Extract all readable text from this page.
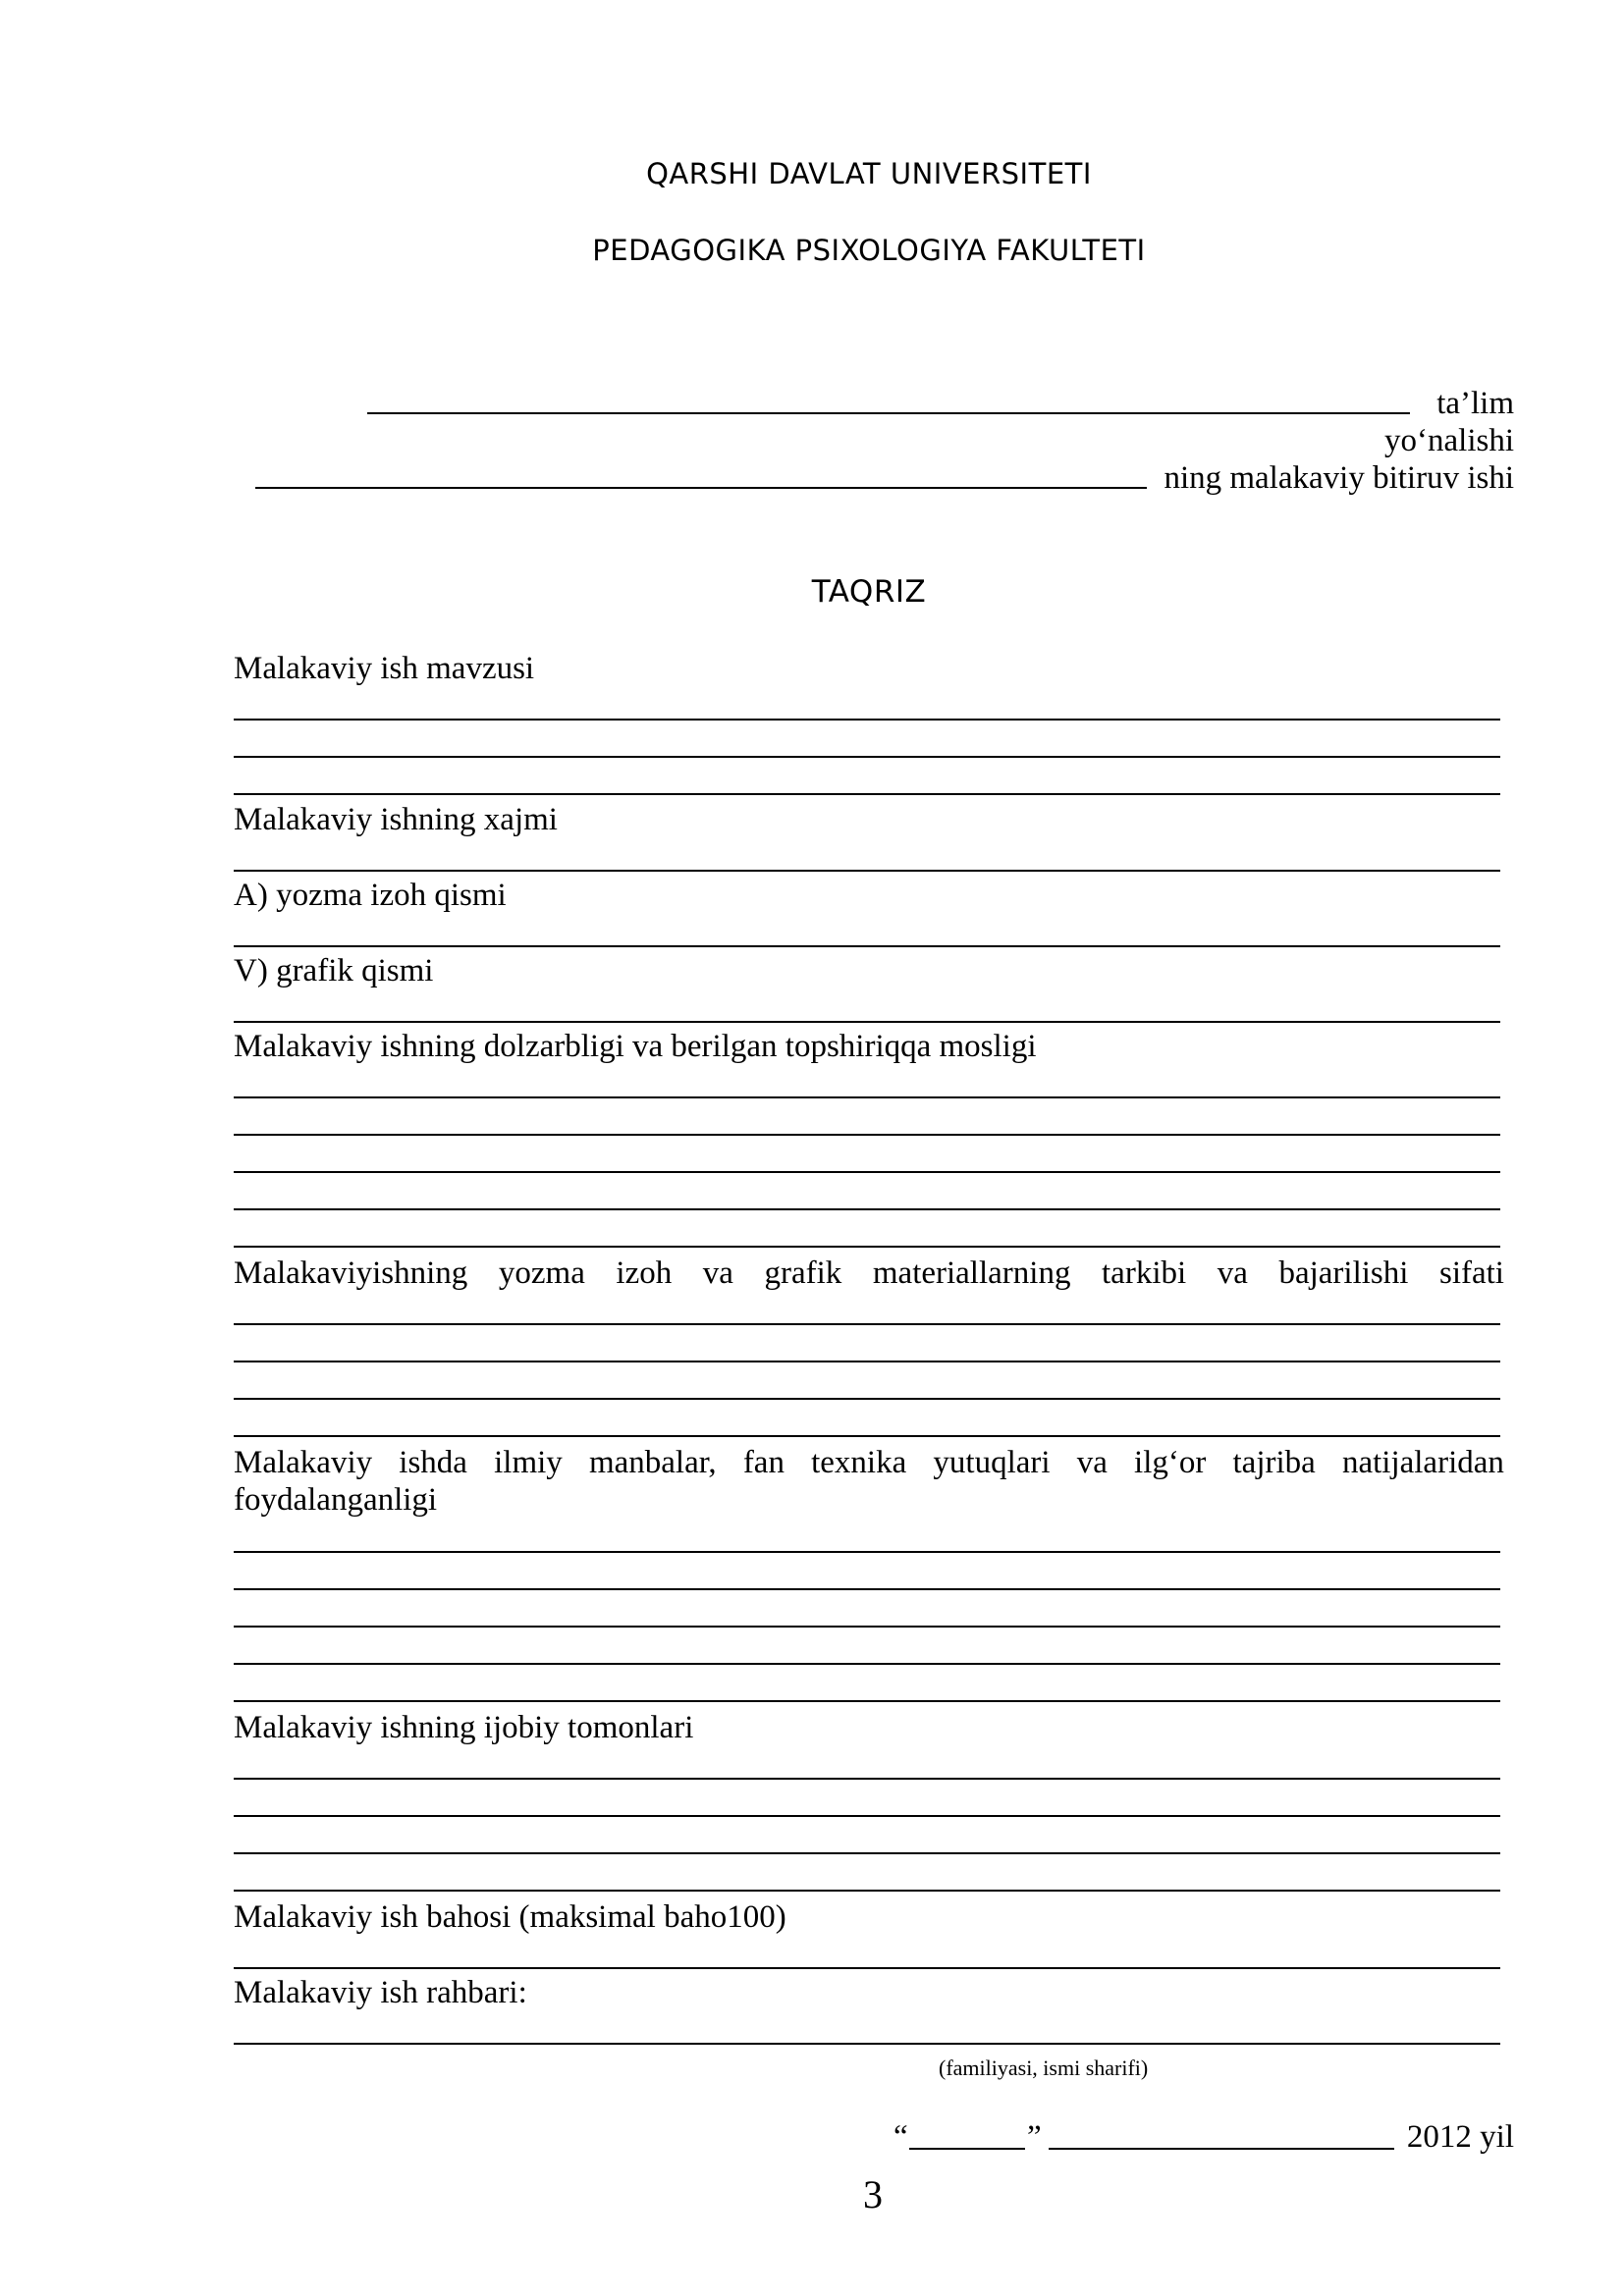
QARSHI DAVLAT UNIVERSITETI
PEDAGOGIKA PSIXOLOGIYA FAKULTETI
ta’lim
yo‘nalishi
ning malakaviy bitiruv ishi
TAQRIZ
Malakaviy ish mavzusi
Malakaviy ishning xajmi
A) yozma izoh qismi
V) grafik qismi
Malakaviy ishning dolzarbligi va berilgan topshiriqqa mosligi
Malakaviyishning yozma izoh va grafik materiallarning tarkibi va bajarilishi sifati
Malakaviy ishda ilmiy manbalar, fan texnika yutuqlari va ilg‘or tajriba natijalaridan
foydalanganligi
Malakaviy ishning ijobiy tomonlari
Malakaviy ish bahosi (maksimal baho100)
Malakaviy ish rahbari:
(familiyasi, ismi sharifi)
“	”	2012 yil
3
